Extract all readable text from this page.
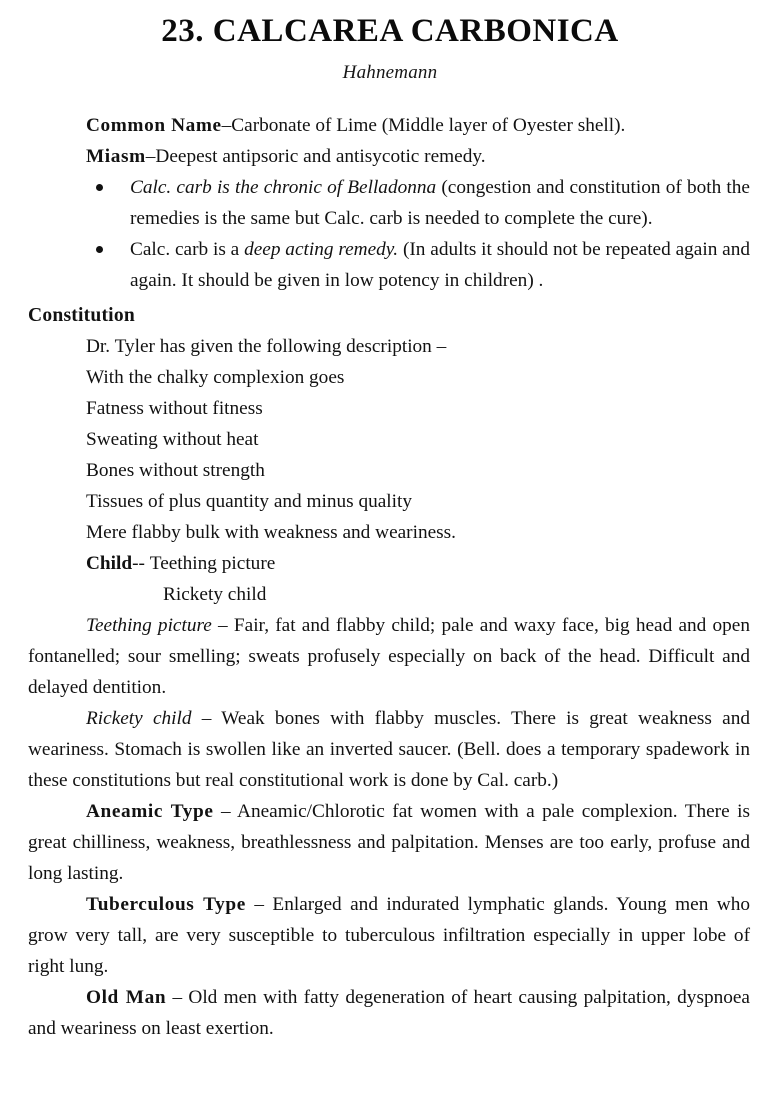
23. CALCAREA CARBONICA
Hahnemann

Common Name–Carbonate of Lime (Middle layer of Oyester shell).

Miasm–Deepest antipsoric and antisycotic remedy.

Calc. carb is the chronic of Belladonna (congestion and constitution of both the remedies is the same but Calc. carb is needed to complete the cure).
Calc. carb is a deep acting remedy. (In adults it should not be repeated again and again. It should be given in low potency in children) .
Constitution
Dr. Tyler has given the following description –
With the chalky complexion goes
Fatness without fitness
Sweating without heat
Bones without strength
Tissues of plus quantity and minus quality
Mere flabby bulk with weakness and weariness.
Child-- Teething picture
Rickety child

Teething picture – Fair, fat and flabby child; pale and waxy face, big head and open fontanelled; sour smelling; sweats profusely especially on back of the head. Difficult and delayed dentition.

Rickety child – Weak bones with flabby muscles. There is great weakness and weariness. Stomach is swollen like an inverted saucer. (Bell. does a temporary spadework in these constitutions but real constitutional work is done by Cal. carb.)

Aneamic Type – Aneamic/Chlorotic fat women with a pale complexion. There is great chilliness, weakness, breathlessness and palpitation. Menses are too early, profuse and long lasting.

Tuberculous Type – Enlarged and indurated lymphatic glands. Young men who grow very tall, are very susceptible to tuberculous infiltration especially in upper lobe of right lung.

Old Man – Old men with fatty degeneration of heart causing palpitation, dyspnoea and weariness on least exertion.
